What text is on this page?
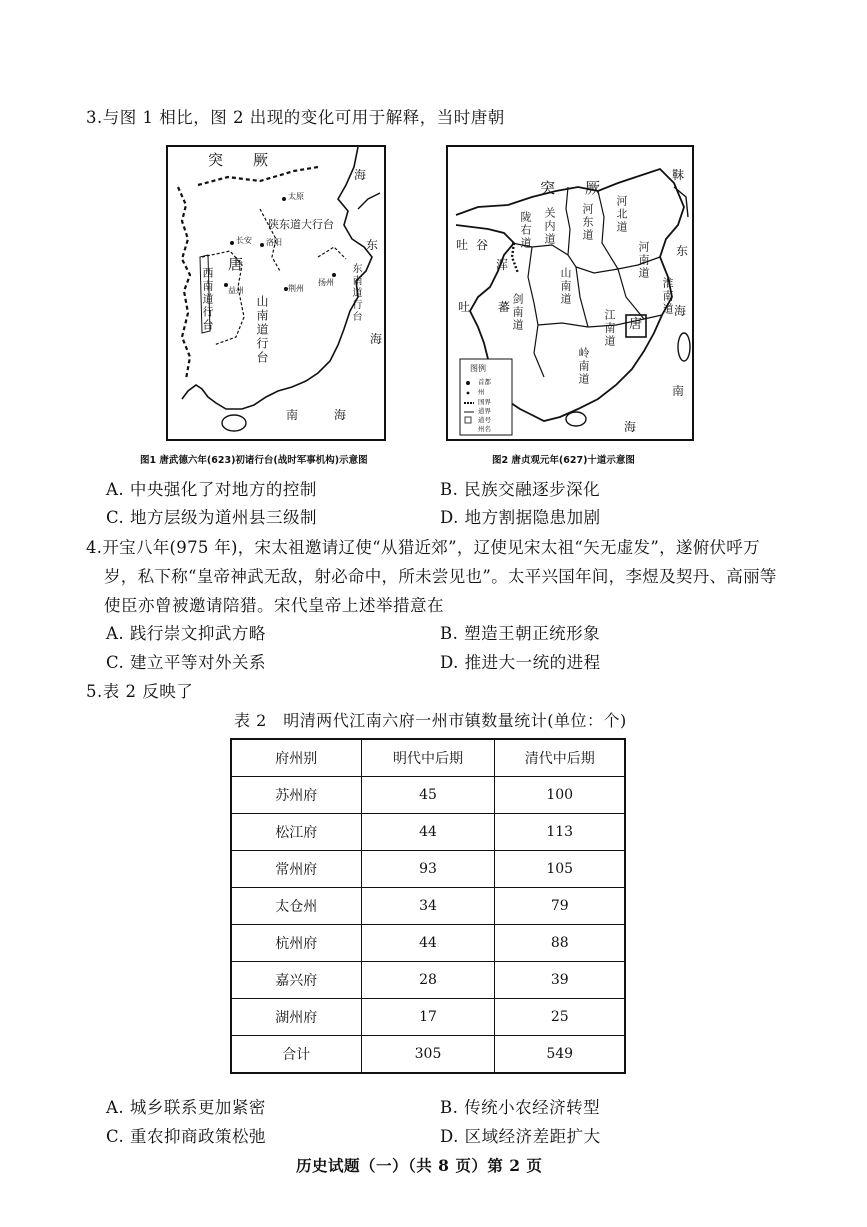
3.与图 1 相比，图 2 出现的变化可用于解释，当时唐朝
突　　厥
海
陕东道大行台
唐
东
西南道行台	东南道行台
山南道行台	海
南	海
长安 洛阳
太原
益州	荆州
扬州
图1 唐武德六年(623)初诸行台(战时军事机构)示意图
突　　厥
靺
吐 谷
浑
吐 蕃
关内道
陇右道	河东道 河北道
河南道
山南道
剑南道	江南道
淮南道
岭南道
东
海
南
海
唐
图例
首都
州
国界
道界
道号
州名
图2 唐贞观元年(627)十道示意图
A. 中央强化了对地方的控制	B. 民族交融逐步深化
C. 地方层级为道州县三级制	D. 地方割据隐患加剧
4.开宝八年(975 年)，宋太祖邀请辽使“从猎近郊”，辽使见宋太祖“矢无虚发”，遂俯伏呼万
岁，私下称“皇帝神武无敌，射必命中，所未尝见也”。太平兴国年间，李煜及契丹、高丽等
使臣亦曾被邀请陪猎。宋代皇帝上述举措意在
A. 践行崇文抑武方略	B. 塑造王朝正统形象
C. 建立平等对外关系	D. 推进大一统的进程
5.表 2 反映了
表 2　明清两代江南六府一州市镇数量统计(单位：个)
府州别	明代中后期	清代中后期
苏州府	45	100
松江府	44	113
常州府	93	105
太仓州	34	79
杭州府	44	88
嘉兴府	28	39
湖州府	17	25
合计	305	549
A. 城乡联系更加紧密	B. 传统小农经济转型
C. 重农抑商政策松弛	D. 区域经济差距扩大
历史试题（一）（共 8 页）第 2 页
